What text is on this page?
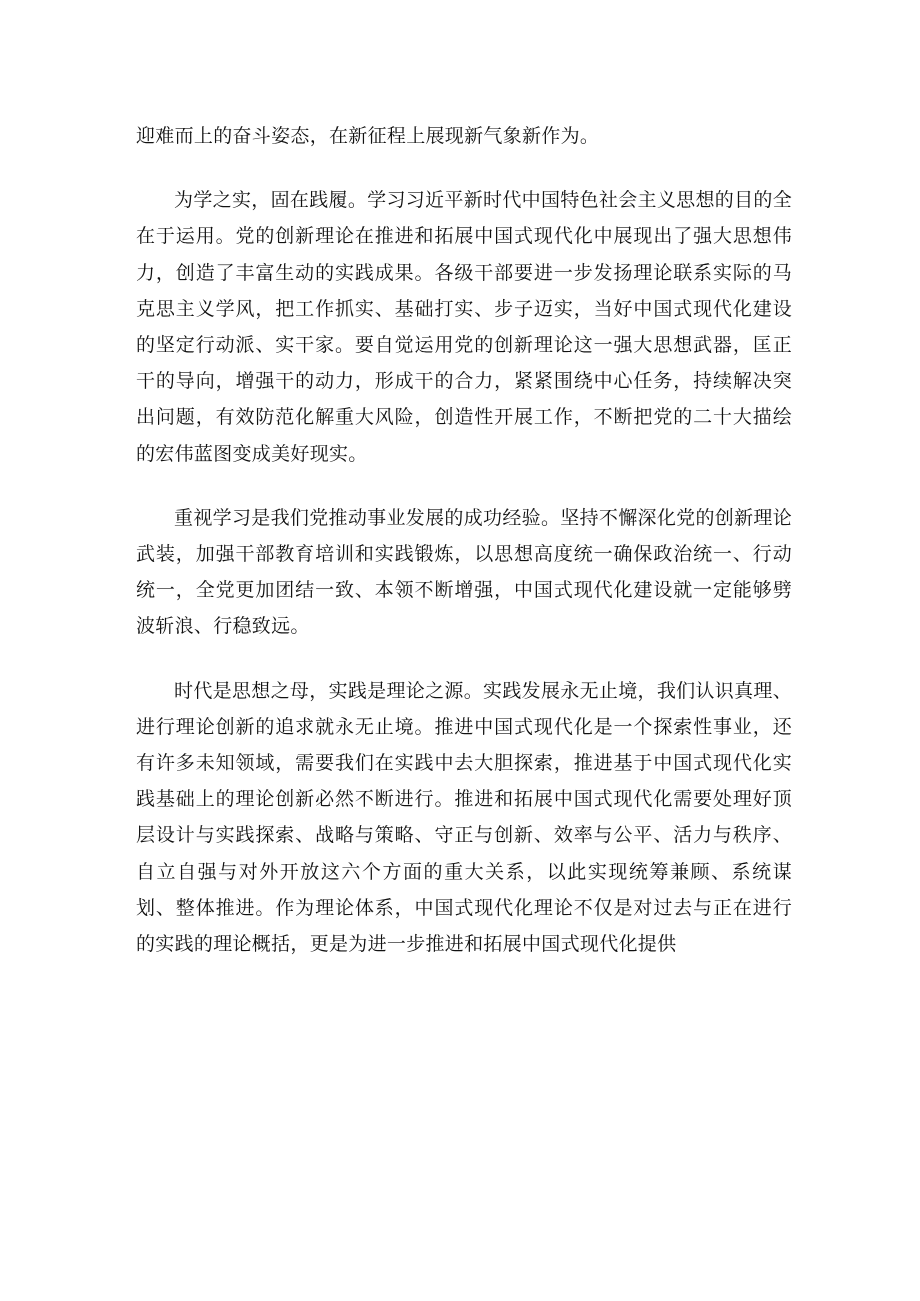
迎难而上的奋斗姿态，在新征程上展现新气象新作为。

为学之实，固在践履。学习习近平新时代中国特色社会主义思想的目的全在于运用。党的创新理论在推进和拓展中国式现代化中展现出了强大思想伟力，创造了丰富生动的实践成果。各级干部要进一步发扬理论联系实际的马克思主义学风，把工作抓实、基础打实、步子迈实，当好中国式现代化建设的坚定行动派、实干家。要自觉运用党的创新理论这一强大思想武器，匡正干的导向，增强干的动力，形成干的合力，紧紧围绕中心任务，持续解决突出问题，有效防范化解重大风险，创造性开展工作，不断把党的二十大描绘的宏伟蓝图变成美好现实。

重视学习是我们党推动事业发展的成功经验。坚持不懈深化党的创新理论武装，加强干部教育培训和实践锻炼，以思想高度统一确保政治统一、行动统一，全党更加团结一致、本领不断增强，中国式现代化建设就一定能够劈波斩浪、行稳致远。

时代是思想之母，实践是理论之源。实践发展永无止境，我们认识真理、进行理论创新的追求就永无止境。推进中国式现代化是一个探索性事业，还有许多未知领域，需要我们在实践中去大胆探索，推进基于中国式现代化实践基础上的理论创新必然不断进行。推进和拓展中国式现代化需要处理好顶层设计与实践探索、战略与策略、守正与创新、效率与公平、活力与秩序、自立自强与对外开放这六个方面的重大关系，以此实现统筹兼顾、系统谋划、整体推进。作为理论体系，中国式现代化理论不仅是对过去与正在进行的实践的理论概括，更是为进一步推进和拓展中国式现代化提供
